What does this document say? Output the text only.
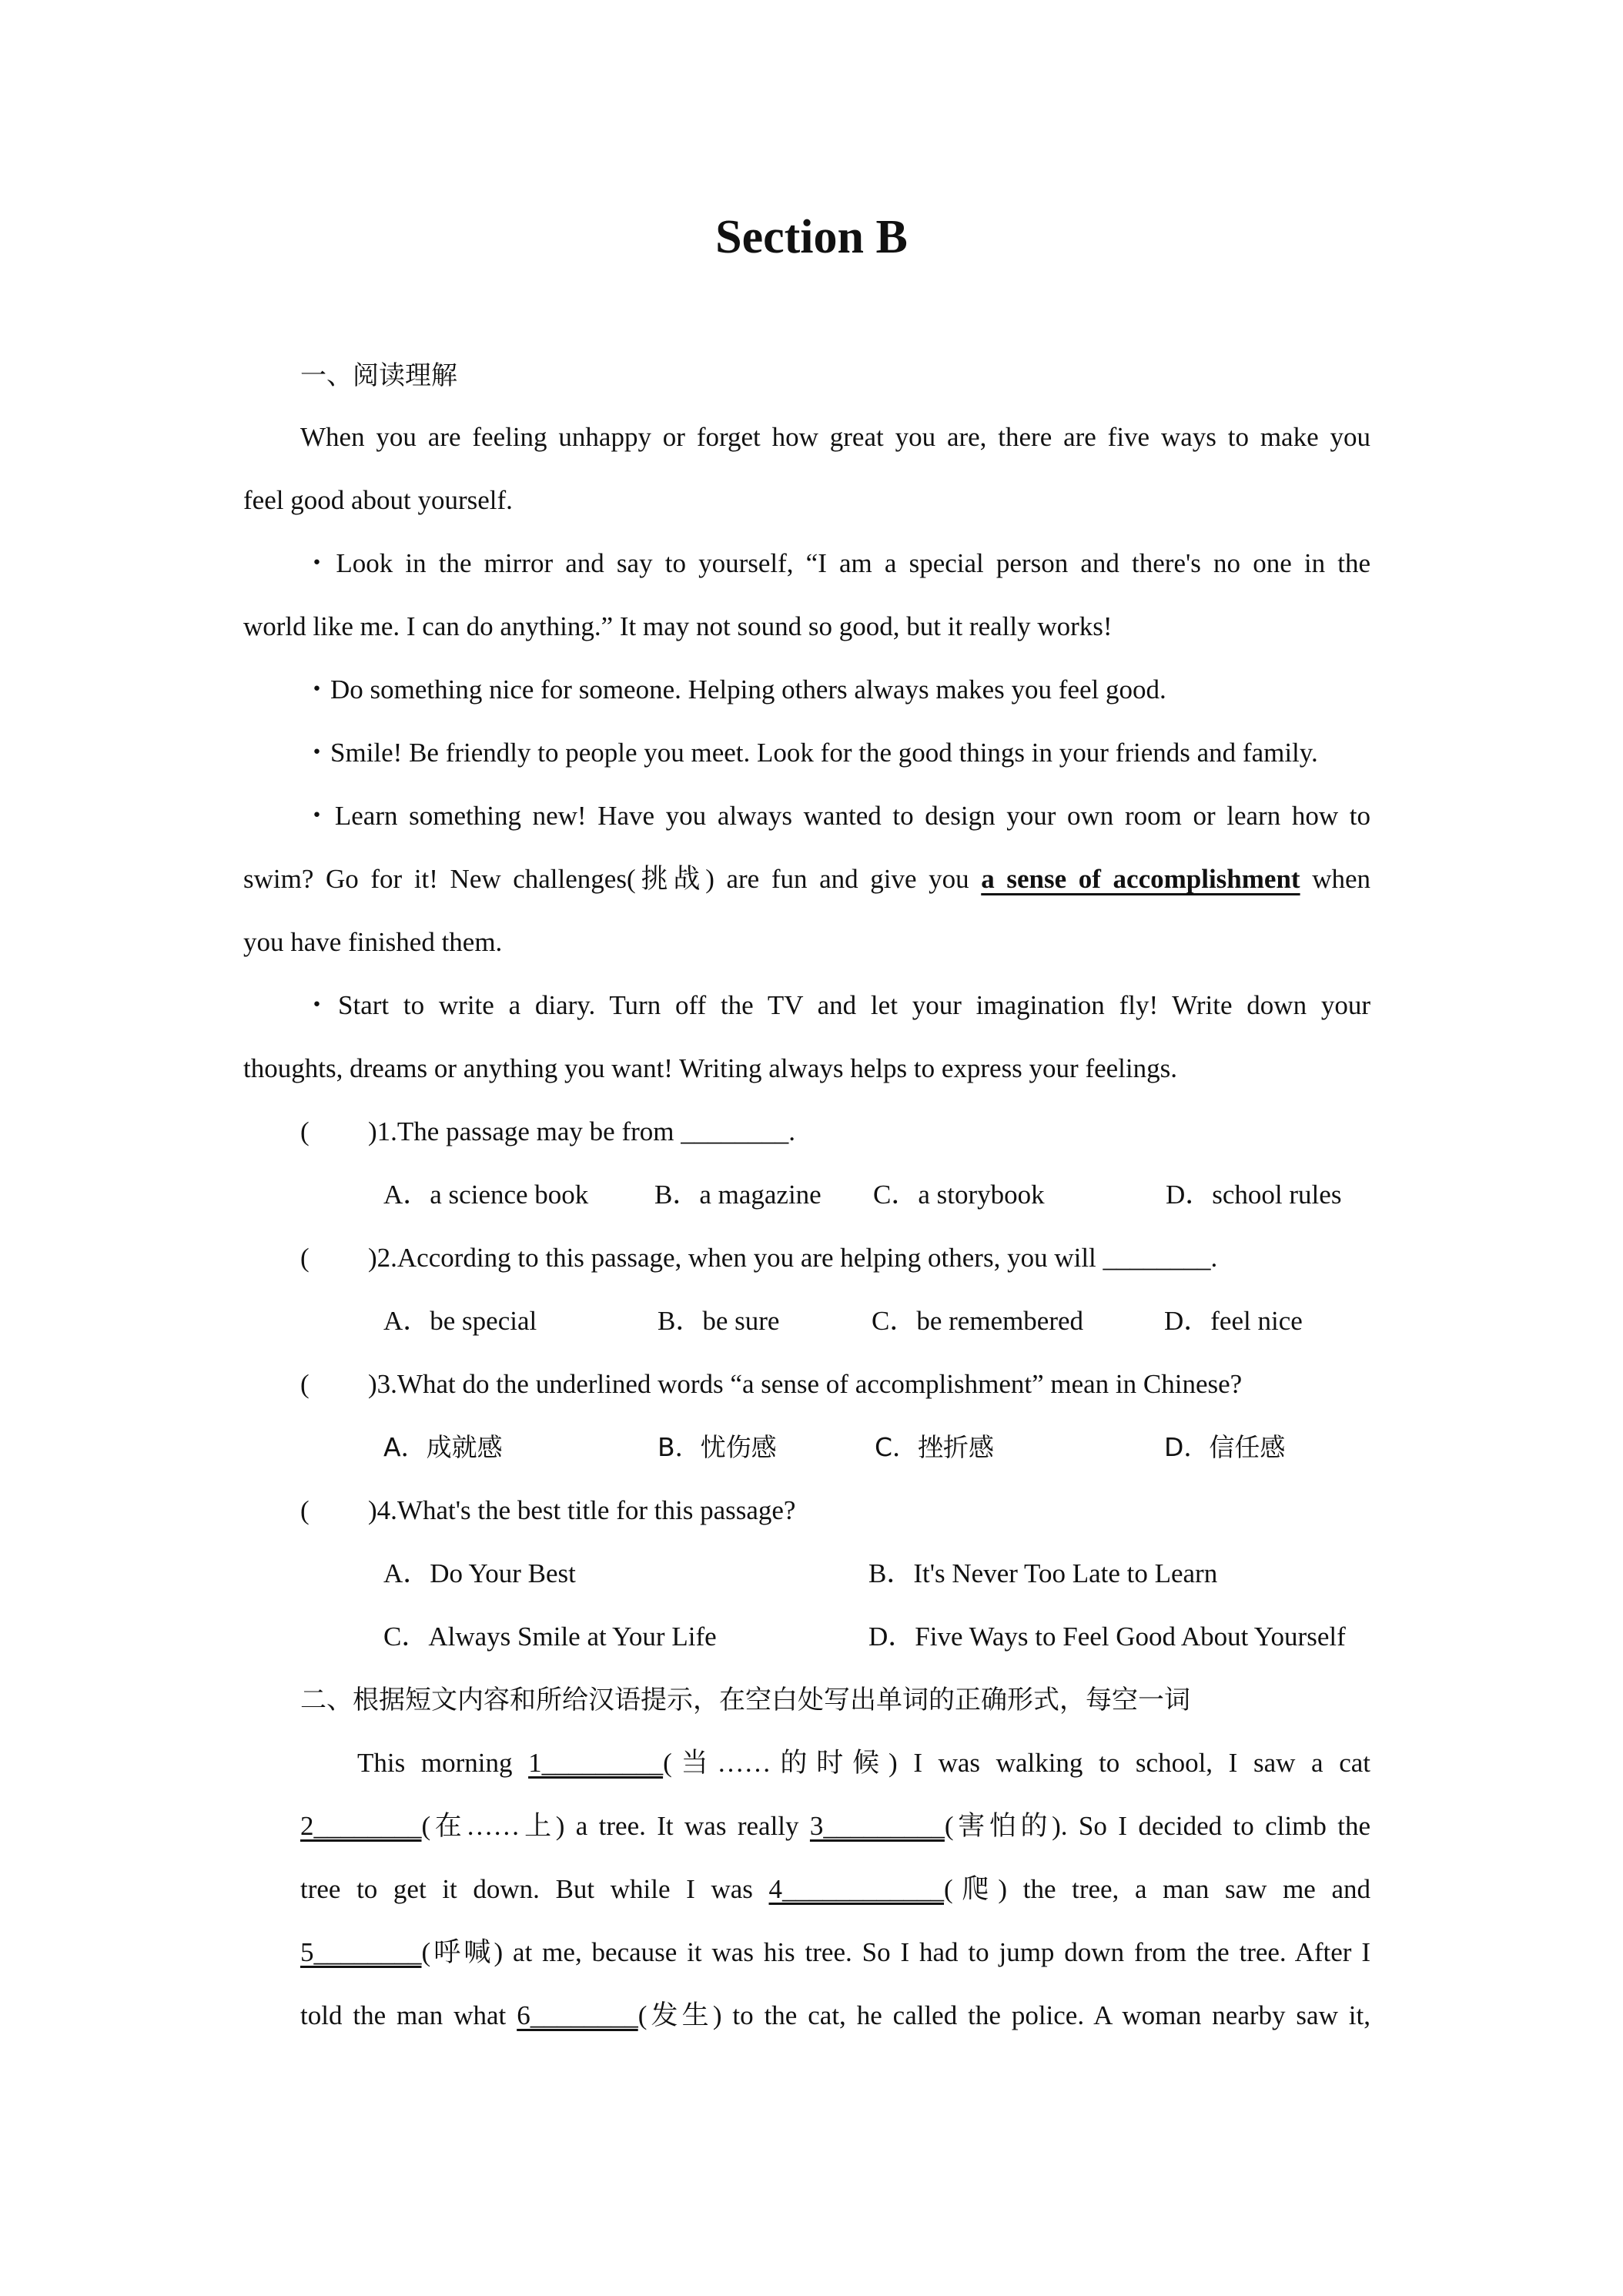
Section B
一、阅读理解
When you are feeling unhappy or forget how great you are, there are five ways to make you
feel good about yourself.
・Look in the mirror and say to yourself, “I am a special person and there's no one in the
world like me. I can do anything.” It may not sound so good, but it really works!
・Do something nice for someone. Helping others always makes you feel good.
・Smile! Be friendly to people you meet. Look for the good things in your friends and family.
・Learn something new! Have you always wanted to design your own room or learn how to
swim? Go for it! New challenges(挑战) are fun and give you a sense of accomplishment when
you have finished them.
・Start to write a diary. Turn off the TV and let your imagination fly! Write down your
thoughts, dreams or anything you want! Writing always helps to express your feelings.
( )1.The passage may be from ________.
A．a science book B．a magazine C．a storybook	D．school rules
( )2.According to this passage, when you are helping others, you will ________.
A．be special	B．be sure	C．be remembered	D．feel nice
( )3.What do the underlined words “a sense of accomplishment” mean in Chinese?
A．成就感	B．忧伤感	C．挫折感	D．信任感
( )4.What's the best title for this passage?
A．Do Your Best	B．It's Never Too Late to Learn
C．Always Smile at Your Life	D．Five Ways to Feel Good About Yourself
二、根据短文内容和所给汉语提示，在空白处写出单词的正确形式，每空一词
This morning 1_________(当……的时候) I was walking to school, I saw a cat
2________(在……上) a tree. It was really 3_________(害怕的). So I decided to climb the
tree to get it down. But while I was 4____________(爬) the tree, a man saw me and
5________(呼喊) at me, because it was his tree. So I had to jump down from the tree. After I
told the man what 6________(发生) to the cat, he called the police. A woman nearby saw it,
